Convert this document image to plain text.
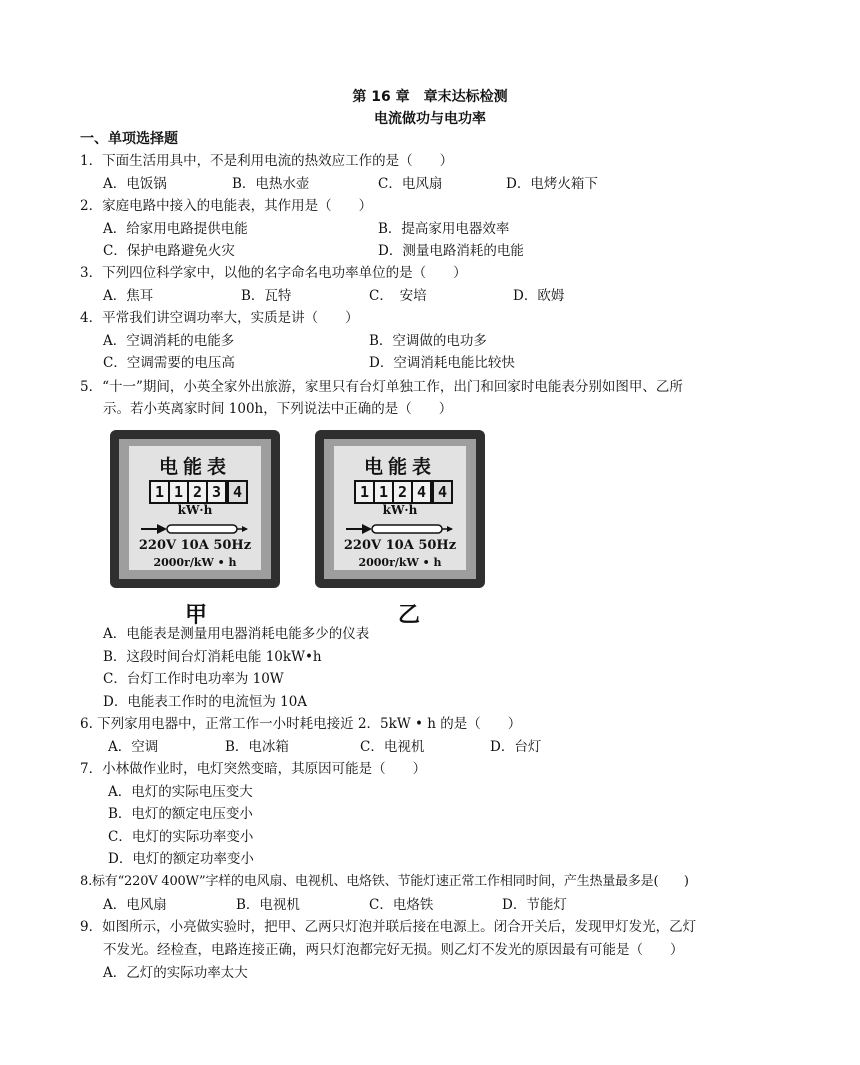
第 16 章　章末达标检测
电流做功与电功率
一、单项选择题
1．下面生活用具中，不是利用电流的热效应工作的是（　　）
A．电饭锅	B．电热水壶	C．电风扇	D．电烤火箱下
2．家庭电路中接入的电能表，其作用是（　　）
A．给家用电路提供电能	B．提高家用电器效率
C．保护电路避免火灾	D．测量电路消耗的电能
3．下列四位科学家中，以他的名字命名电功率单位的是（　　）
A．焦耳	B．瓦特	C．　安培	D．欧姆
4．平常我们讲空调功率大，实质是讲（　　）
A．空调消耗的电能多	B．空调做的电功多
C．空调需要的电压高	D．空调消耗电能比较快
5．“十一”期间，小英全家外出旅游，家里只有台灯单独工作，出门和回家时电能表分别如图甲、乙所
示。若小英离家时间 100h，下列说法中正确的是（　　）
电能表
1 1 2 3 4
kW·h
220V 10A 50Hz
2000r/kW • h
甲
电能表
1 1 2 4 4
kW·h
220V 10A 50Hz
2000r/kW • h
乙
A．电能表是测量用电器消耗电能多少的仪表
B．这段时间台灯消耗电能 10kW•h
C．台灯工作时电功率为 10W
D．电能表工作时的电流恒为 10A
6. 下列家用电器中，正常工作一小时耗电接近 2．5kW • h 的是（　　）
A．空调	B．电冰箱	C．电视机	D．台灯
7．小林做作业时，电灯突然变暗，其原因可能是（　　）
A．电灯的实际电压变大
B．电灯的额定电压变小
C．电灯的实际功率变小
D．电灯的额定功率变小
8.标有“220V 400W”字样的电风扇、电视机、电烙铁、节能灯速正常工作相同时间，产生热量最多是(　　)
A．电风扇	B．电视机	C．电烙铁	D．节能灯
9．如图所示，小亮做实验时，把甲、乙两只灯泡并联后接在电源上。闭合开关后，发现甲灯发光，乙灯
不发光。经检查，电路连接正确，两只灯泡都完好无损。则乙灯不发光的原因最有可能是（　　）
A．乙灯的实际功率太大
